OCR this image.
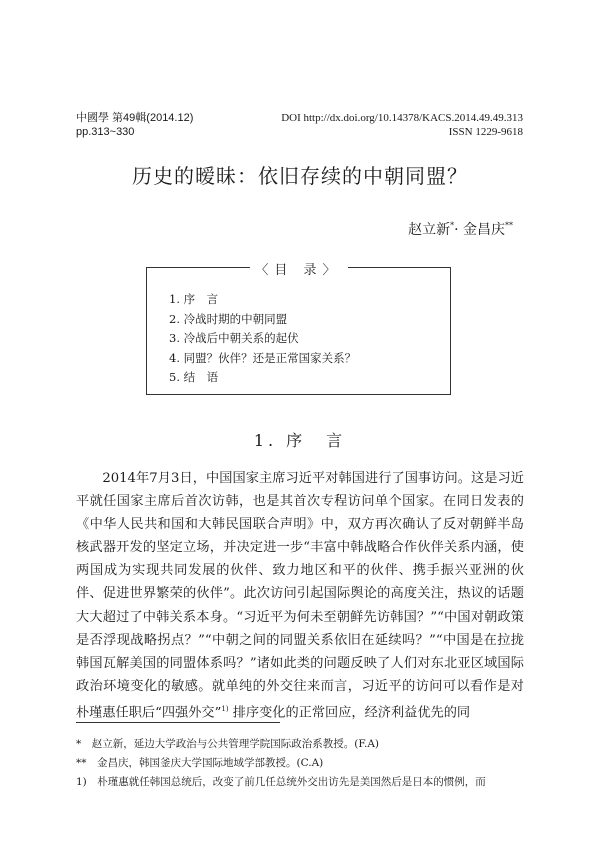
中國學 第49輯(2014.12)
pp.313~330
DOI http://dx.doi.org/10.14378/KACS.2014.49.49.313
ISSN 1229-9618
历史的暧昧：依旧存续的中朝同盟？
赵立新*· 金昌庆**
〈目 录〉
1. 序　言
2. 冷战时期的中朝同盟
3. 冷战后中朝关系的起伏
4. 同盟？伙伴？还是正常国家关系？
5. 结　语
1. 序　言

2014年7月3日，中国国家主席习近平对韩国进行了国事访问。这是习近平就任国家主席后首次访韩，也是其首次专程访问单个国家。在同日发表的《中华人民共和国和大韩民国联合声明》中，双方再次确认了反对朝鲜半岛核武器开发的坚定立场，并决定进一步“丰富中韩战略合作伙伴关系内涵，使两国成为实现共同发展的伙伴、致力地区和平的伙伴、携手振兴亚洲的伙伴、促进世界繁荣的伙伴”。此次访问引起国际舆论的高度关注，热议的话题大大超过了中韩关系本身。“习近平为何未至朝鲜先访韩国？”“中国对朝政策是否浮现战略拐点？”“中朝之间的同盟关系依旧在延续吗？”“中国是在拉拢韩国瓦解美国的同盟体系吗？”诸如此类的问题反映了人们对东北亚区域国际政治环境变化的敏感。就单纯的外交往来而言，习近平的访问可以看作是对朴瑾惠任职后“四强外交”$^{1)}$ 排序变化的正常回应，经济利益优先的同

*　赵立新，延边大学政治与公共管理学院国际政治系教授。(F.A)
**　金昌庆，韩国釜庆大学国际地域学部教授。(C.A)
1)　朴瑾惠就任韩国总统后，改变了前几任总统外交出访先是美国然后是日本的惯例，而
